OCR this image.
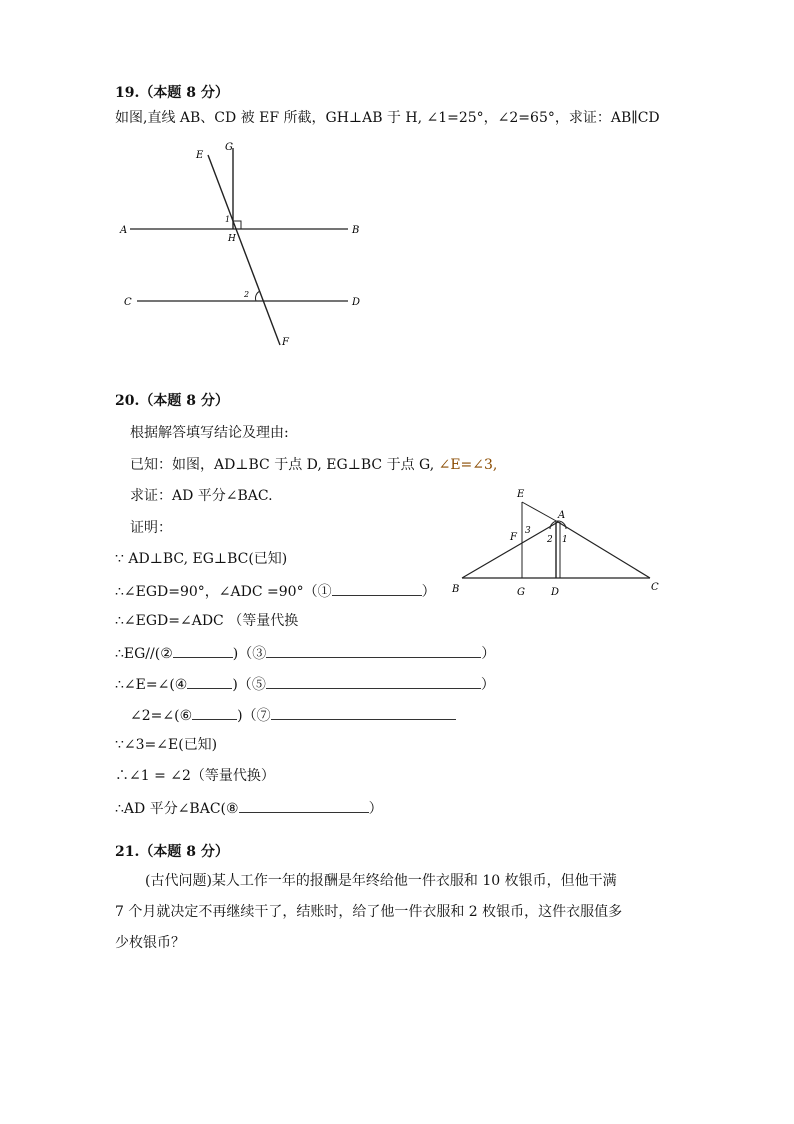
19.（本题 8 分）
如图,直线 AB、CD 被 EF 所截，GH⊥AB 于 H, ∠1=25°，∠2=65°，求证：AB∥CD
E
G
A	B
H
1
C	D
2
F
20.（本题 8 分）
根据解答填写结论及理由:
已知：如图，AD⊥BC 于点 D, EG⊥BC 于点 G, ∠E=∠3,
求证：AD 平分∠BAC.
证明：
∵ AD⊥BC, EG⊥BC(已知)
∴∠EGD=90°，∠ADC =90°（①	）
∴∠EGD=∠ADC （等量代换
∴EG//(②	)（③	）
∴∠E=∠(④	)（⑤	）
∠2=∠(⑥	)（⑦
∵∠3=∠E(已知)
∴∠1 = ∠2（等量代换）
∴AD 平分∠BAC(⑧	）
E
A
F
3
2 1
B	G	D	C
21.（本题 8 分）
(古代问题)某人工作一年的报酬是年终给他一件衣服和 10 枚银币，但他干满
7 个月就决定不再继续干了，结账时，给了他一件衣服和 2 枚银币，这件衣服值多
少枚银币？
